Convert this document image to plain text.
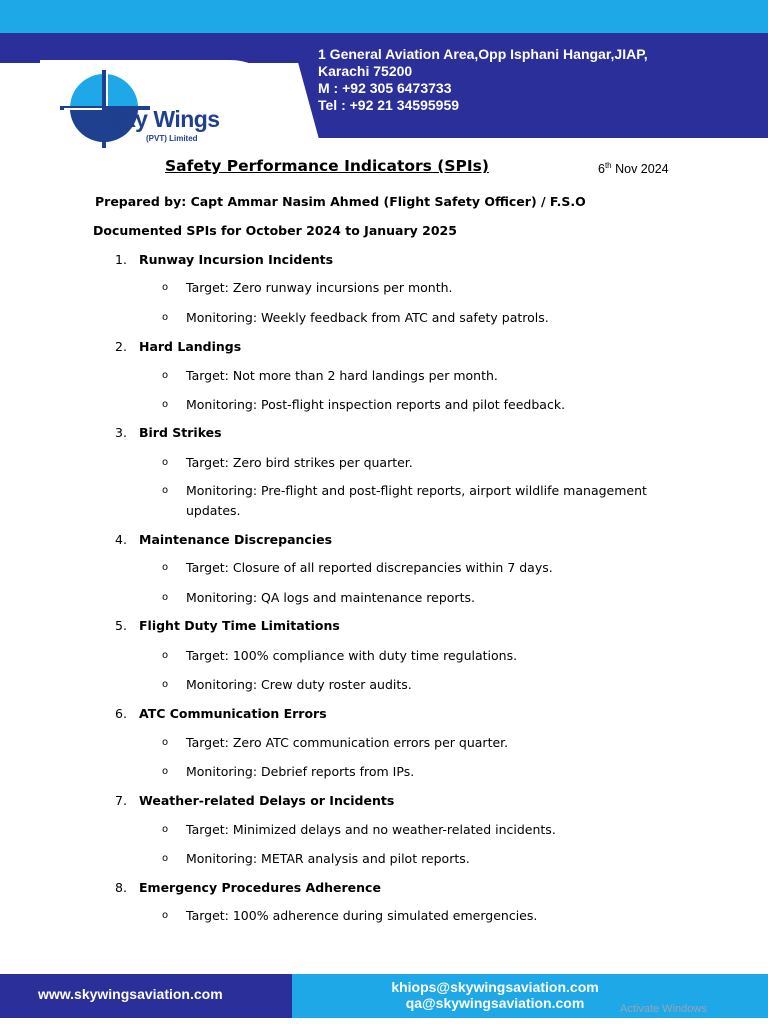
1 General Aviation Area,Opp Isphani Hangar,JIAP,
Karachi 75200
M : +92 305 6473733
Tel : +92 21 34595959
Sky Wings
(PVT) Limited
Safety Performance Indicators (SPIs)	6th Nov 2024
Prepared by: Capt Ammar Nasim Ahmed (Flight Safety Officer) / F.S.O
Documented SPIs for October 2024 to January 2025
1. Runway Incursion Incidents
o Target: Zero runway incursions per month.
o Monitoring: Weekly feedback from ATC and safety patrols.
2. Hard Landings
o Target: Not more than 2 hard landings per month.
o Monitoring: Post-flight inspection reports and pilot feedback.
3. Bird Strikes
o Target: Zero bird strikes per quarter.
o Monitoring: Pre-flight and post-flight reports, airport wildlife management updates.
4. Maintenance Discrepancies
o Target: Closure of all reported discrepancies within 7 days.
o Monitoring: QA logs and maintenance reports.
5. Flight Duty Time Limitations
o Target: 100% compliance with duty time regulations.
o Monitoring: Crew duty roster audits.
6. ATC Communication Errors
o Target: Zero ATC communication errors per quarter.
o Monitoring: Debrief reports from IPs.
7. Weather-related Delays or Incidents
o Target: Minimized delays and no weather-related incidents.
o Monitoring: METAR analysis and pilot reports.
8. Emergency Procedures Adherence
o Target: 100% adherence during simulated emergencies.
www.skywingsaviation.com	khiops@skywingsaviation.com
qa@skywingsaviation.com	Activate Windows
